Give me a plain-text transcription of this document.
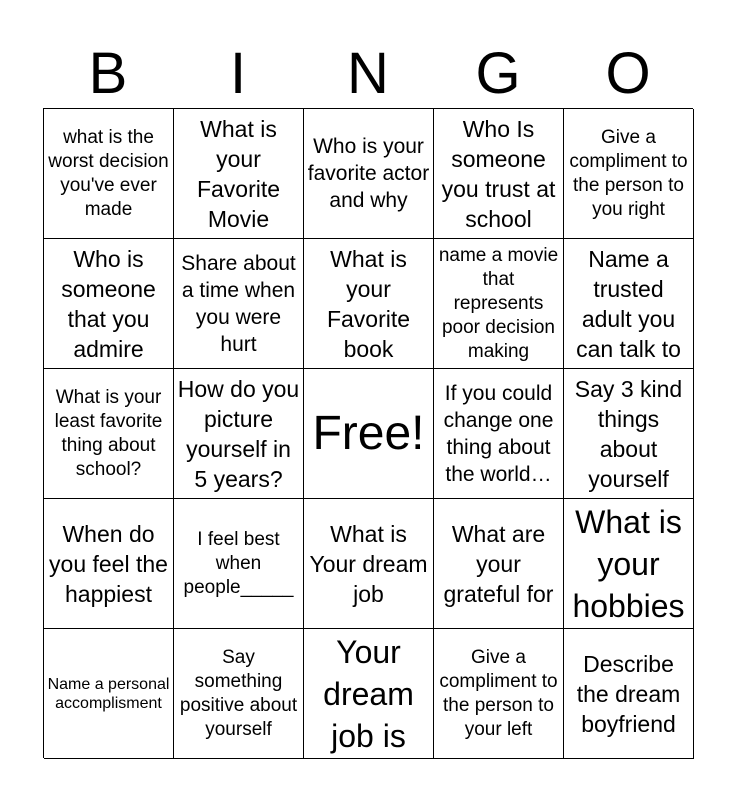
B	I	N	G	O
what is the worst decision you've ever made
What is your Favorite Movie
Who is your favorite actor and why
Who Is someone you trust at school
Give a compliment to the person to you right
Who is someone that you admire
Share about a time when you were hurt
What is your Favorite book
name a movie that represents poor decision making
Name a trusted adult you can talk to
What is your least favorite thing about school?
How do you picture yourself in 5 years?
Free!
If you could change one thing about the world…
Say 3 kind things about yourself
When do you feel the happiest
I feel best when people_____
What is Your dream job
What are your grateful for
What is your hobbies
Name a personal accomplisment
Say something positive about yourself
Your dream job is
Give a compliment to the person to your left
Describe the dream boyfriend
